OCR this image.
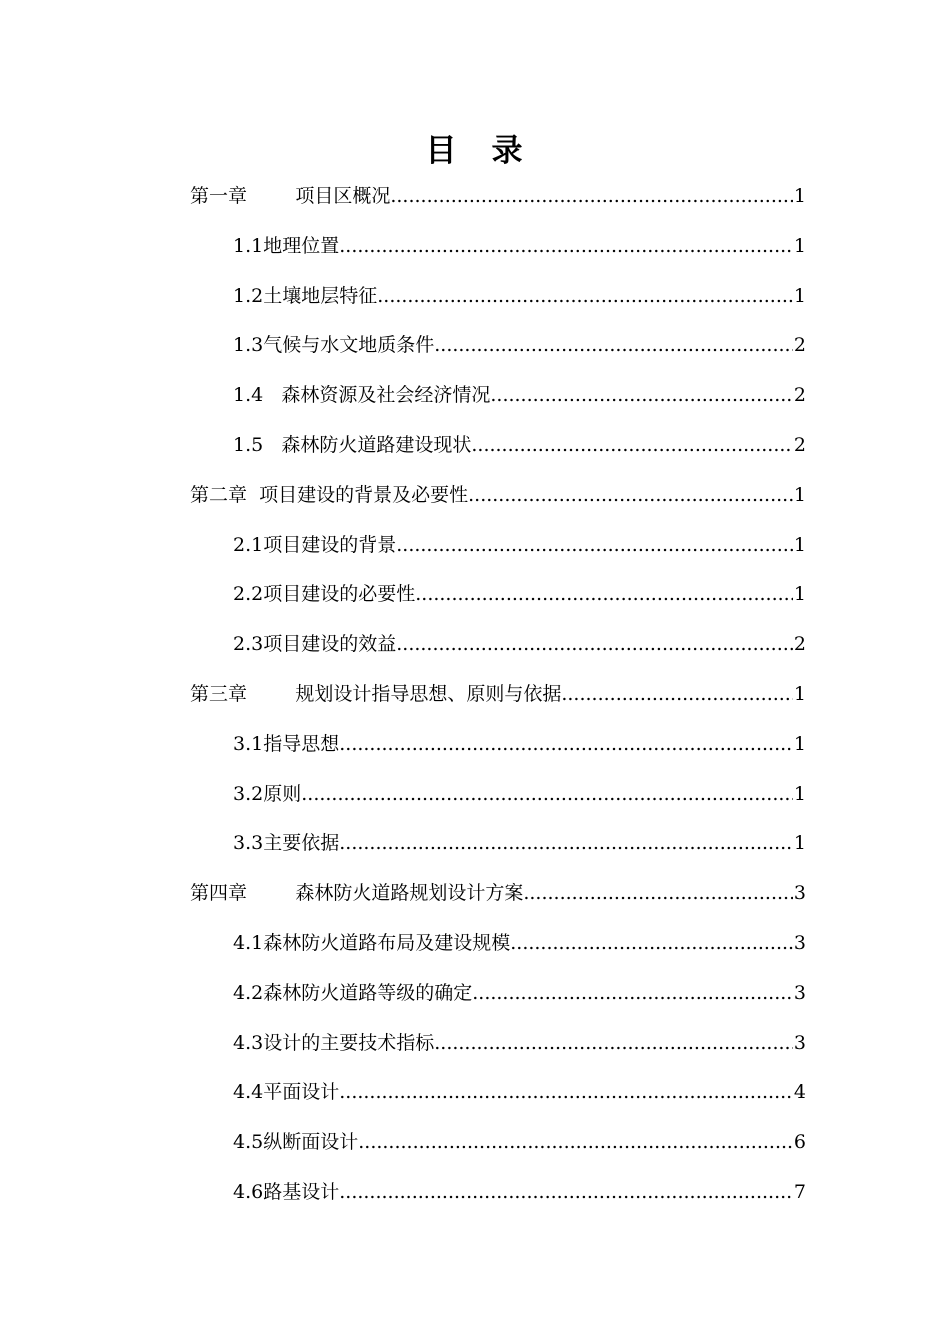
目　录
第一章 项目区概况 .....	1
1.1 地理位置 .....	1
1.2 土壤地层特征 .....	1
1.3 气候与水文地质条件 .....	2
1.4 森林资源及社会经济情况 .....	2
1.5 森林防火道路建设现状 .....	2
第二章 项目建设的背景及必要性 .....	1
2.1 项目建设的背景 .....	1
2.2 项目建设的必要性 .....	1
2.3 项目建设的效益 .....	2
第三章 规划设计指导思想、原则与依据 .....	1
3.1 指导思想 .....	1
3.2 原则 .....	1
3.3 主要依据 .....	1
第四章 森林防火道路规划设计方案 .....	3
4.1 森林防火道路布局及建设规模 .....	3
4.2 森林防火道路等级的确定 .....	3
4.3 设计的主要技术指标 .....	3
4.4 平面设计 .....	4
4.5 纵断面设计 .....	6
4.6 路基设计 .....	7
